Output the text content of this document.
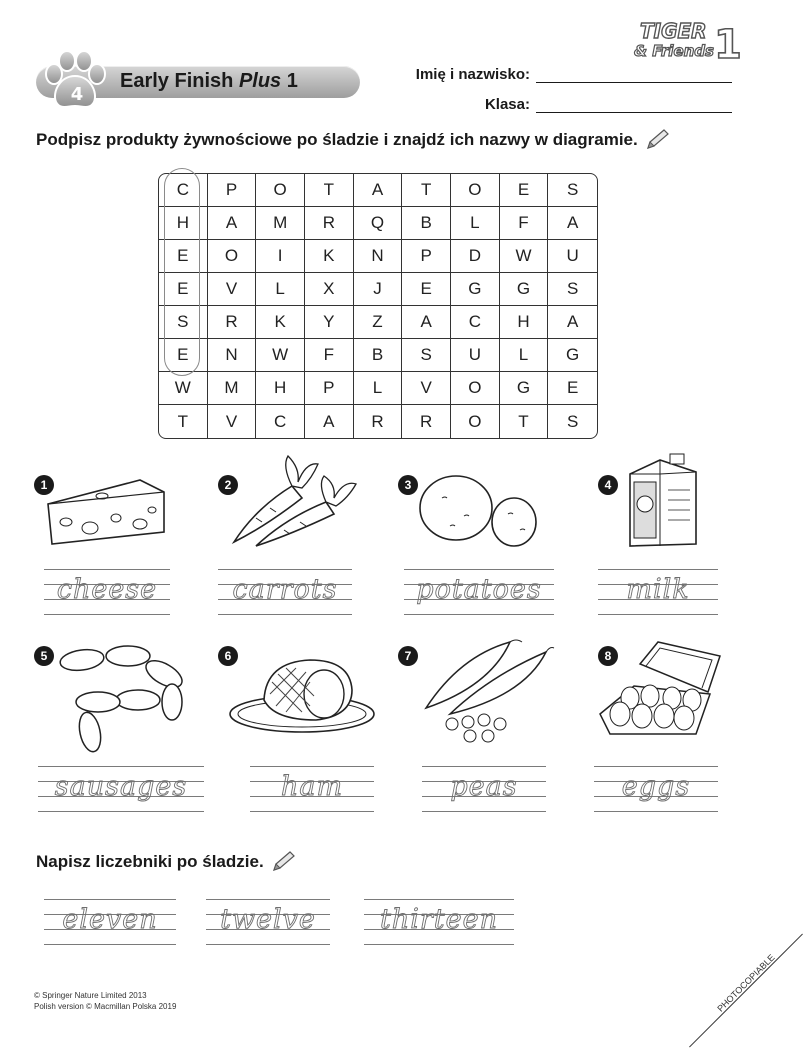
TIGER
& Friends 1
4
Early Finish Plus 1	Imię i nazwisko:
Klasa:
Podpisz produkty żywnościowe po śladzie i znajdź ich nazwy w diagramie.
C	P	O	T	A	T	O	E	S
H	A	M	R	Q	B	L	F	A
E	O	I	K	N	P	D	W	U
E	V	L	X	J	E	G	G	S
S	R	K	Y	Z	A	C	H	A
E	N	W	F	B	S	U	L	G
W	M	H	P	L	V	O	G	E
T	V	C	A	R	R	O	T	S
1
cheese
2
carrots
3
potatoes
4
milk
5
sausages
6
ham
7
peas
8
eggs
Napisz liczebniki po śladzie.
eleven	twelve	thirteen
© Springer Nature Limited 2013
Polish version © Macmillan Polska 2019	PHOTOCOPIABLE
